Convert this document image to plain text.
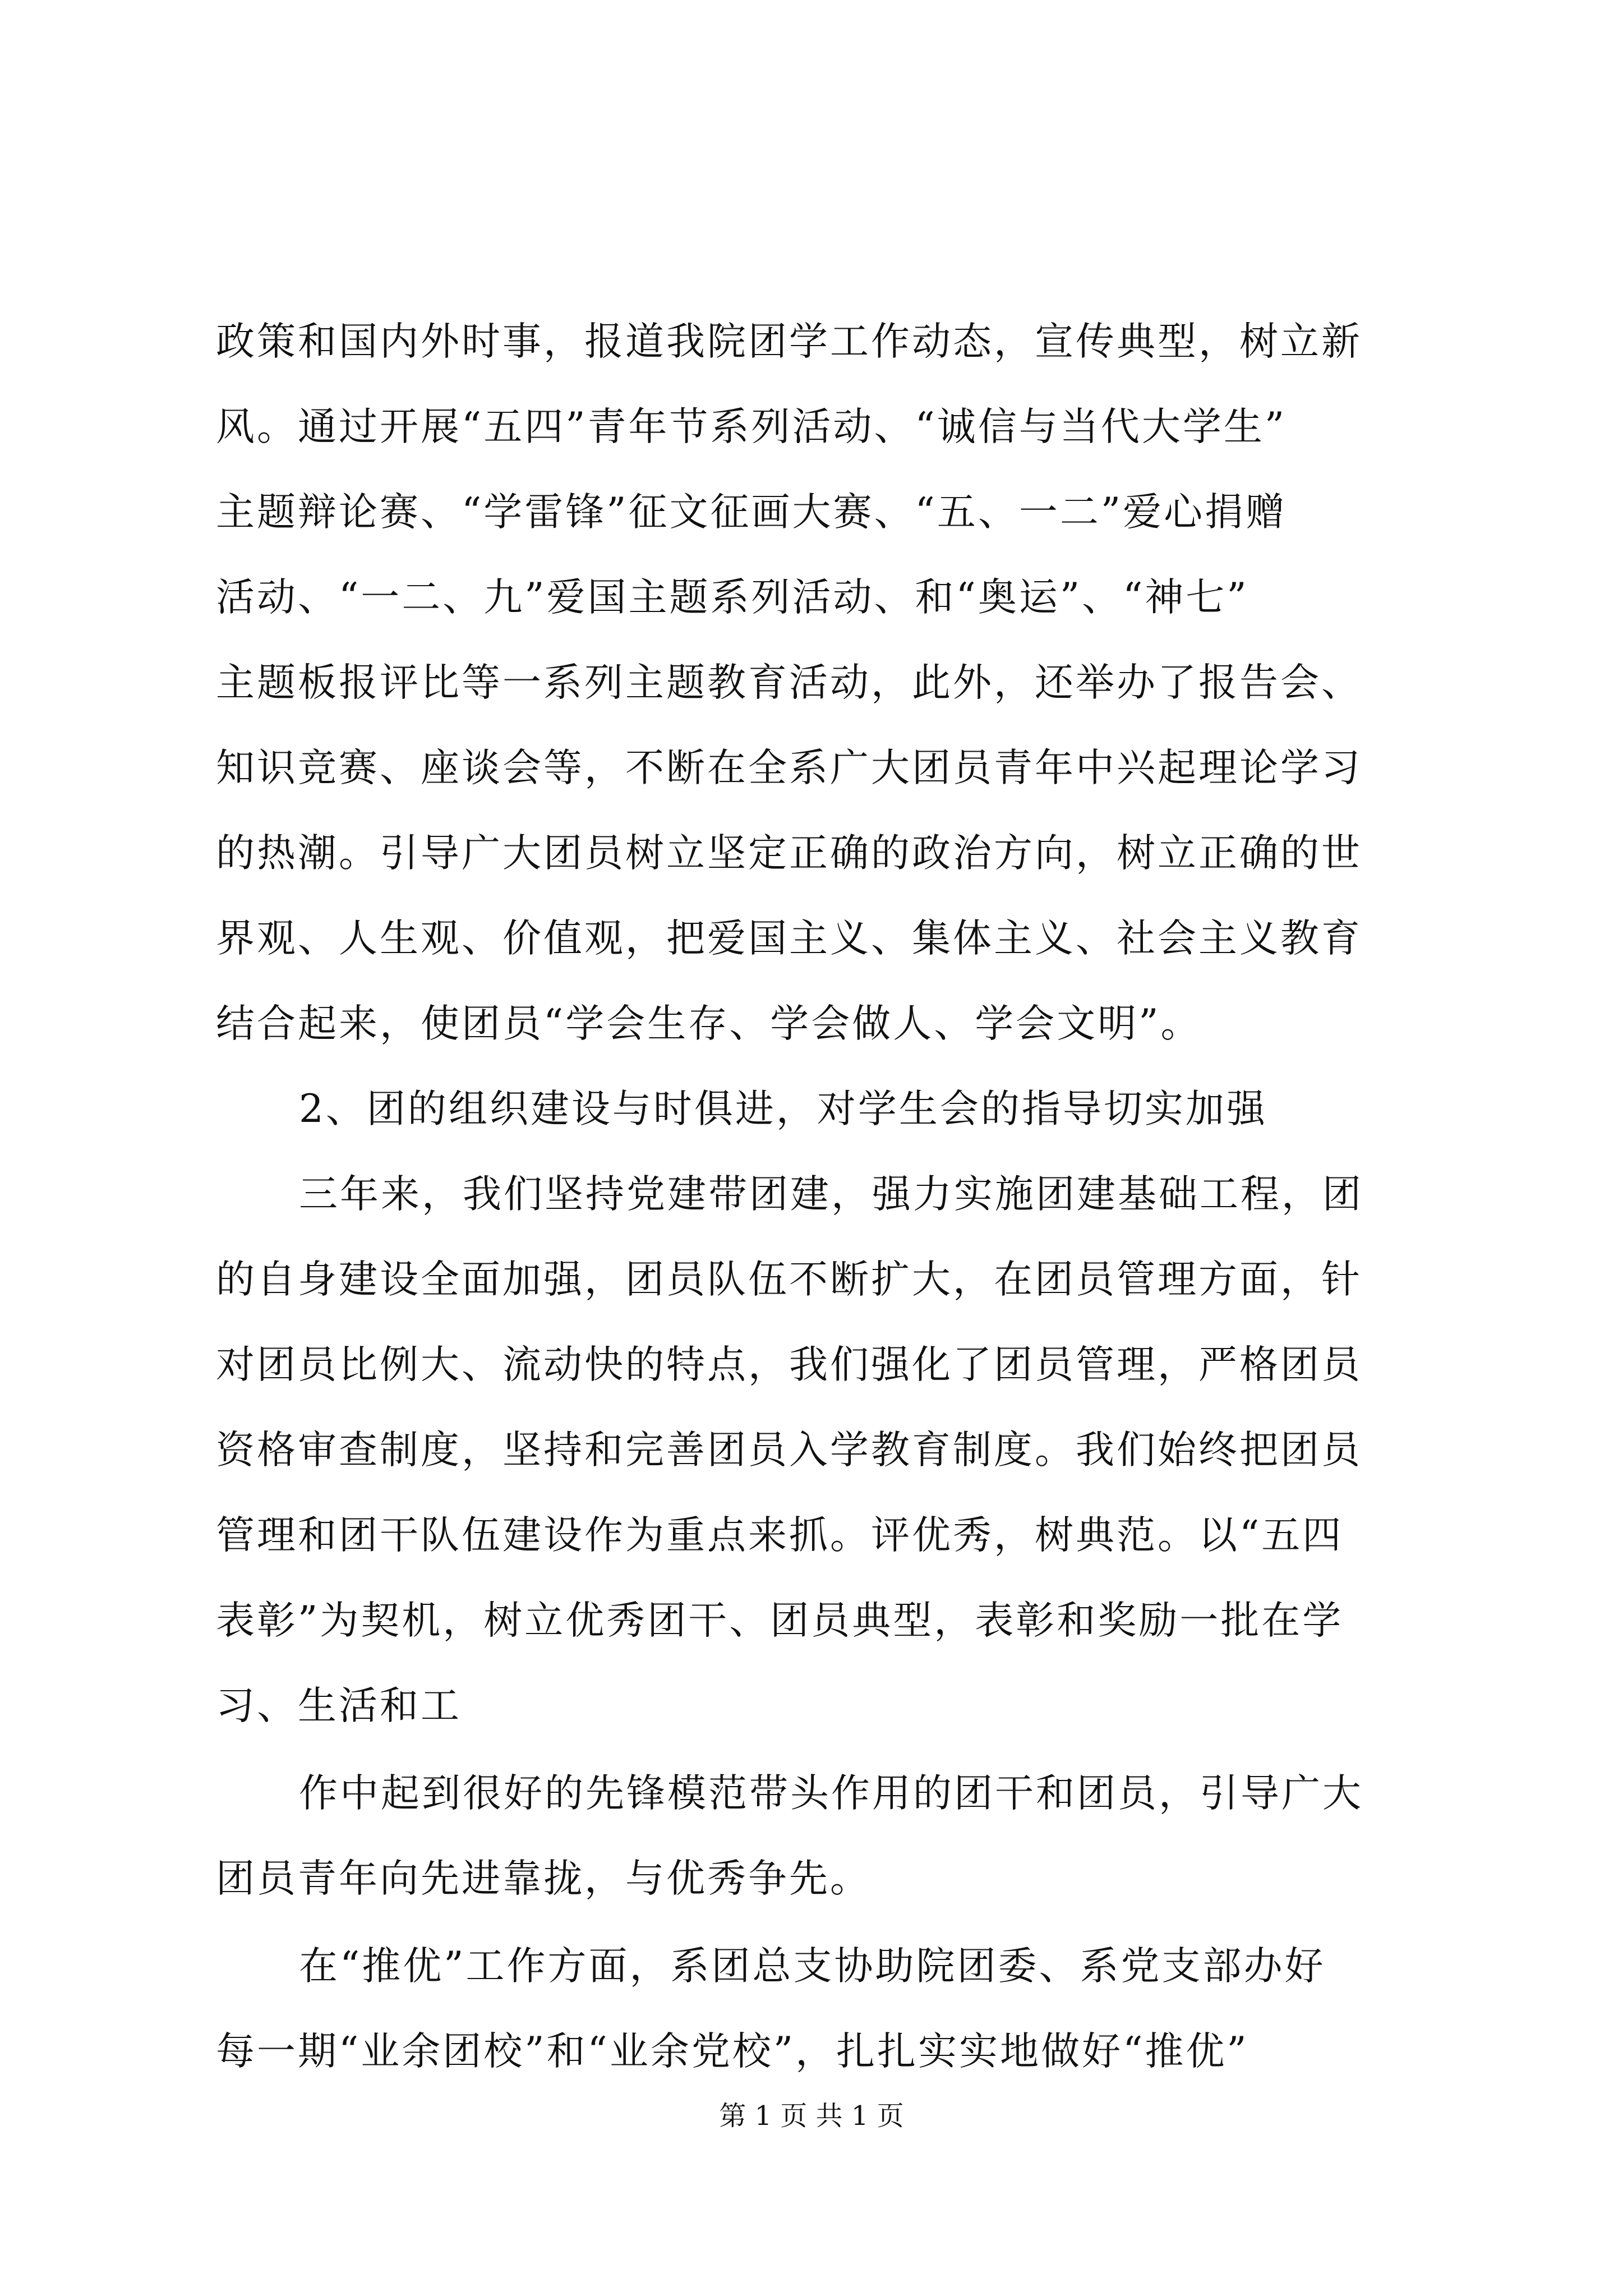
政策和国内外时事，报道我院团学工作动态，宣传典型，树立新
风。通过开展“五四”青年节系列活动、“诚信与当代大学生”
主题辩论赛、“学雷锋”征文征画大赛、“五、一二”爱心捐赠
活动、“一二、九”爱国主题系列活动、和“奥运”、“神七”
主题板报评比等一系列主题教育活动，此外，还举办了报告会、
知识竞赛、座谈会等，不断在全系广大团员青年中兴起理论学习
的热潮。引导广大团员树立坚定正确的政治方向，树立正确的世
界观、人生观、价值观，把爱国主义、集体主义、社会主义教育
结合起来，使团员“学会生存、学会做人、学会文明”。
2、团的组织建设与时俱进，对学生会的指导切实加强
三年来，我们坚持党建带团建，强力实施团建基础工程，团
的自身建设全面加强，团员队伍不断扩大，在团员管理方面，针
对团员比例大、流动快的特点，我们强化了团员管理，严格团员
资格审查制度，坚持和完善团员入学教育制度。我们始终把团员
管理和团干队伍建设作为重点来抓。评优秀，树典范。以“五四
表彰”为契机，树立优秀团干、团员典型，表彰和奖励一批在学
习、生活和工
作中起到很好的先锋模范带头作用的团干和团员，引导广大
团员青年向先进靠拢，与优秀争先。
在“推优”工作方面，系团总支协助院团委、系党支部办好
每一期“业余团校”和“业余党校”，扎扎实实地做好“推优”
第 1 页 共 1 页
